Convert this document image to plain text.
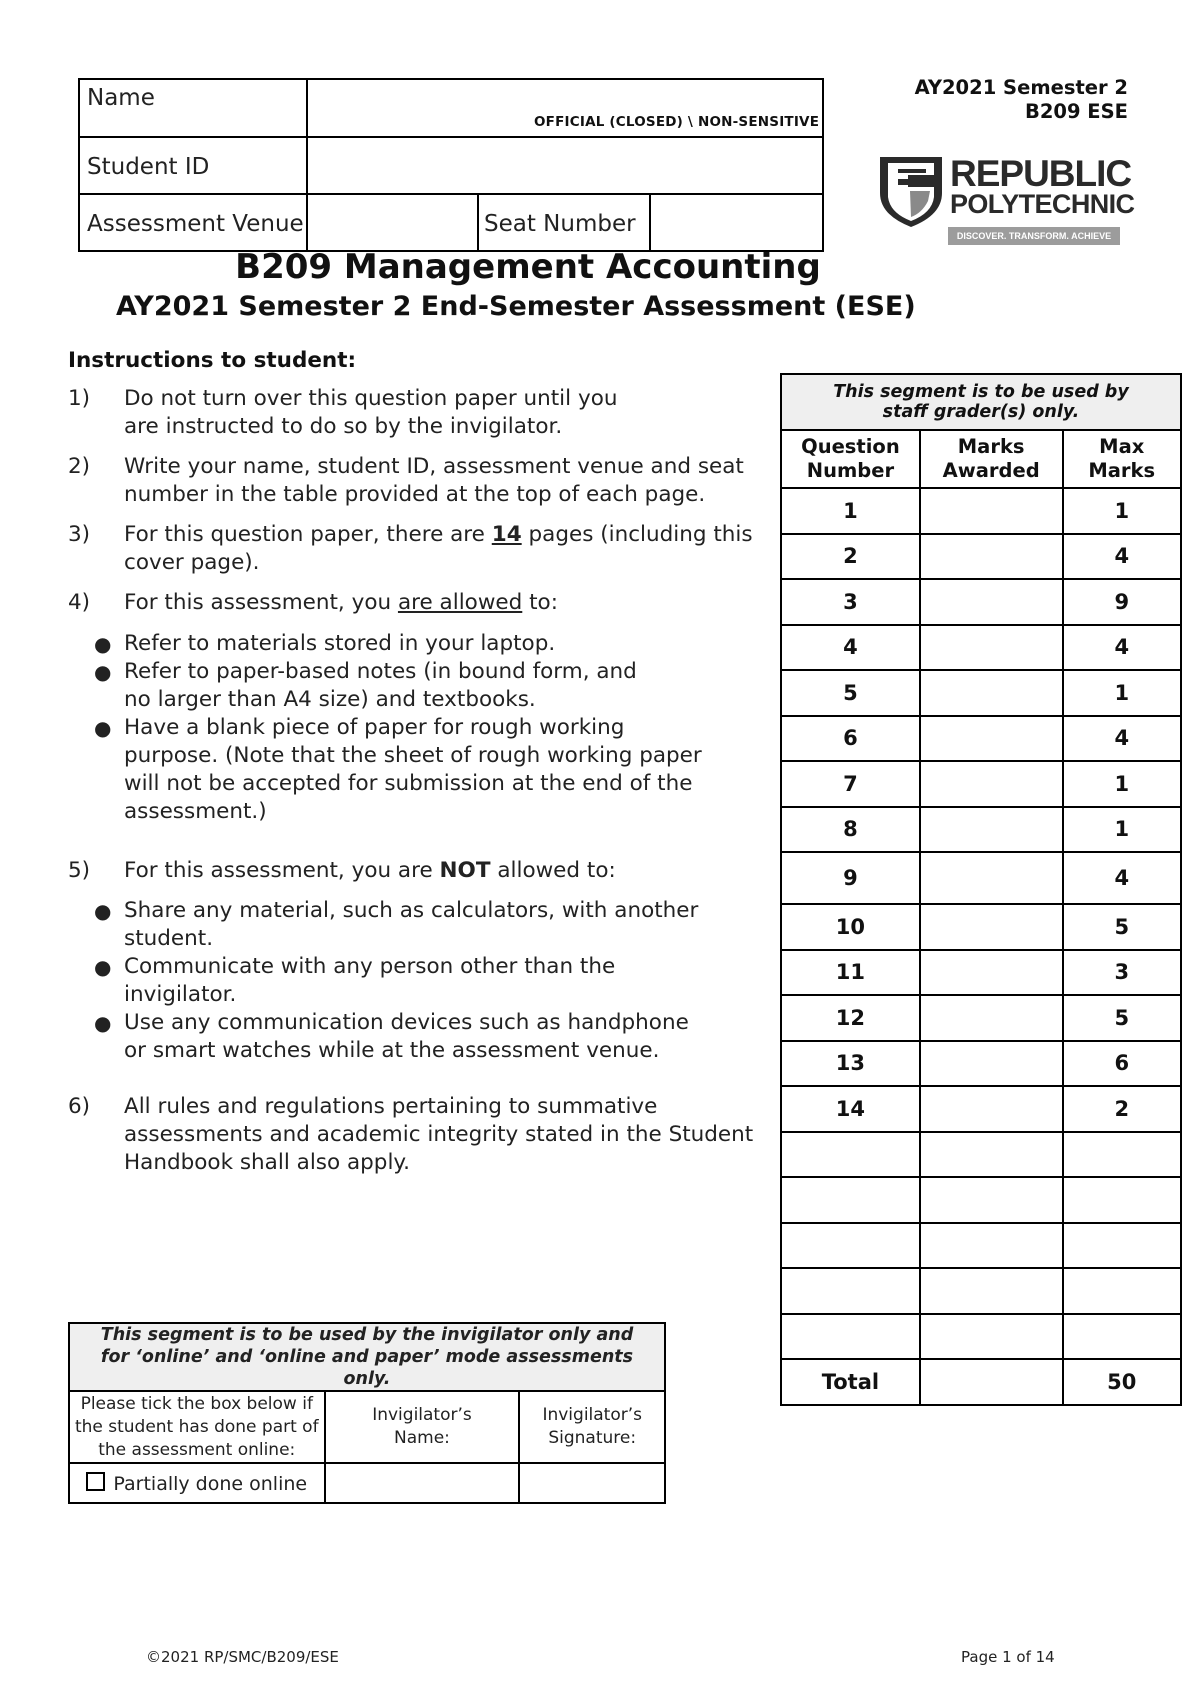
Name
Student ID
Assessment Venue	Seat Number
OFFICIAL (CLOSED) \ NON-SENSITIVE
AY2021 Semester 2
B209 ESE
REPUBLIC
POLYTECHNIC
DISCOVER. TRANSFORM. ACHIEVE
B209 Management Accounting
AY2021 Semester 2 End-Semester Assessment (ESE)
Instructions to student:
1) Do not turn over this question paper until you are instructed to do so by the invigilator.
2) Write your name, student ID, assessment venue and seat number in the table provided at the top of each page.
3) For this question paper, there are 14 pages (including this cover page).
4) For this assessment, you are allowed to:
● Refer to materials stored in your laptop.
● Refer to paper-based notes (in bound form, and no larger than A4 size) and textbooks.
● Have a blank piece of paper for rough working purpose. (Note that the sheet of rough working paper will not be accepted for submission at the end of the assessment.)
5) For this assessment, you are NOT allowed to:
● Share any material, such as calculators, with another student.
● Communicate with any person other than the invigilator.
● Use any communication devices such as handphone or smart watches while at the assessment venue.
6) All rules and regulations pertaining to summative assessments and academic integrity stated in the Student Handbook shall also apply.
This segment is to be used by staff grader(s) only.		
Question Number	Marks Awarded	Max Marks
1		1
2		4
3		9
4		4
5		1
6		4
7		1
8		1
9		4
10		5
11		3
12		5
13		6
14		2

Total		50
This segment is to be used by the invigilator only and for ‘online’ and ‘online and paper’ mode assessments only.		
Please tick the box below if the student has done part of the assessment online:	Invigilator’s Name:	Invigilator’s Signature:
Partially done online		
©2021 RP/SMC/B209/ESE	Page 1 of 14
